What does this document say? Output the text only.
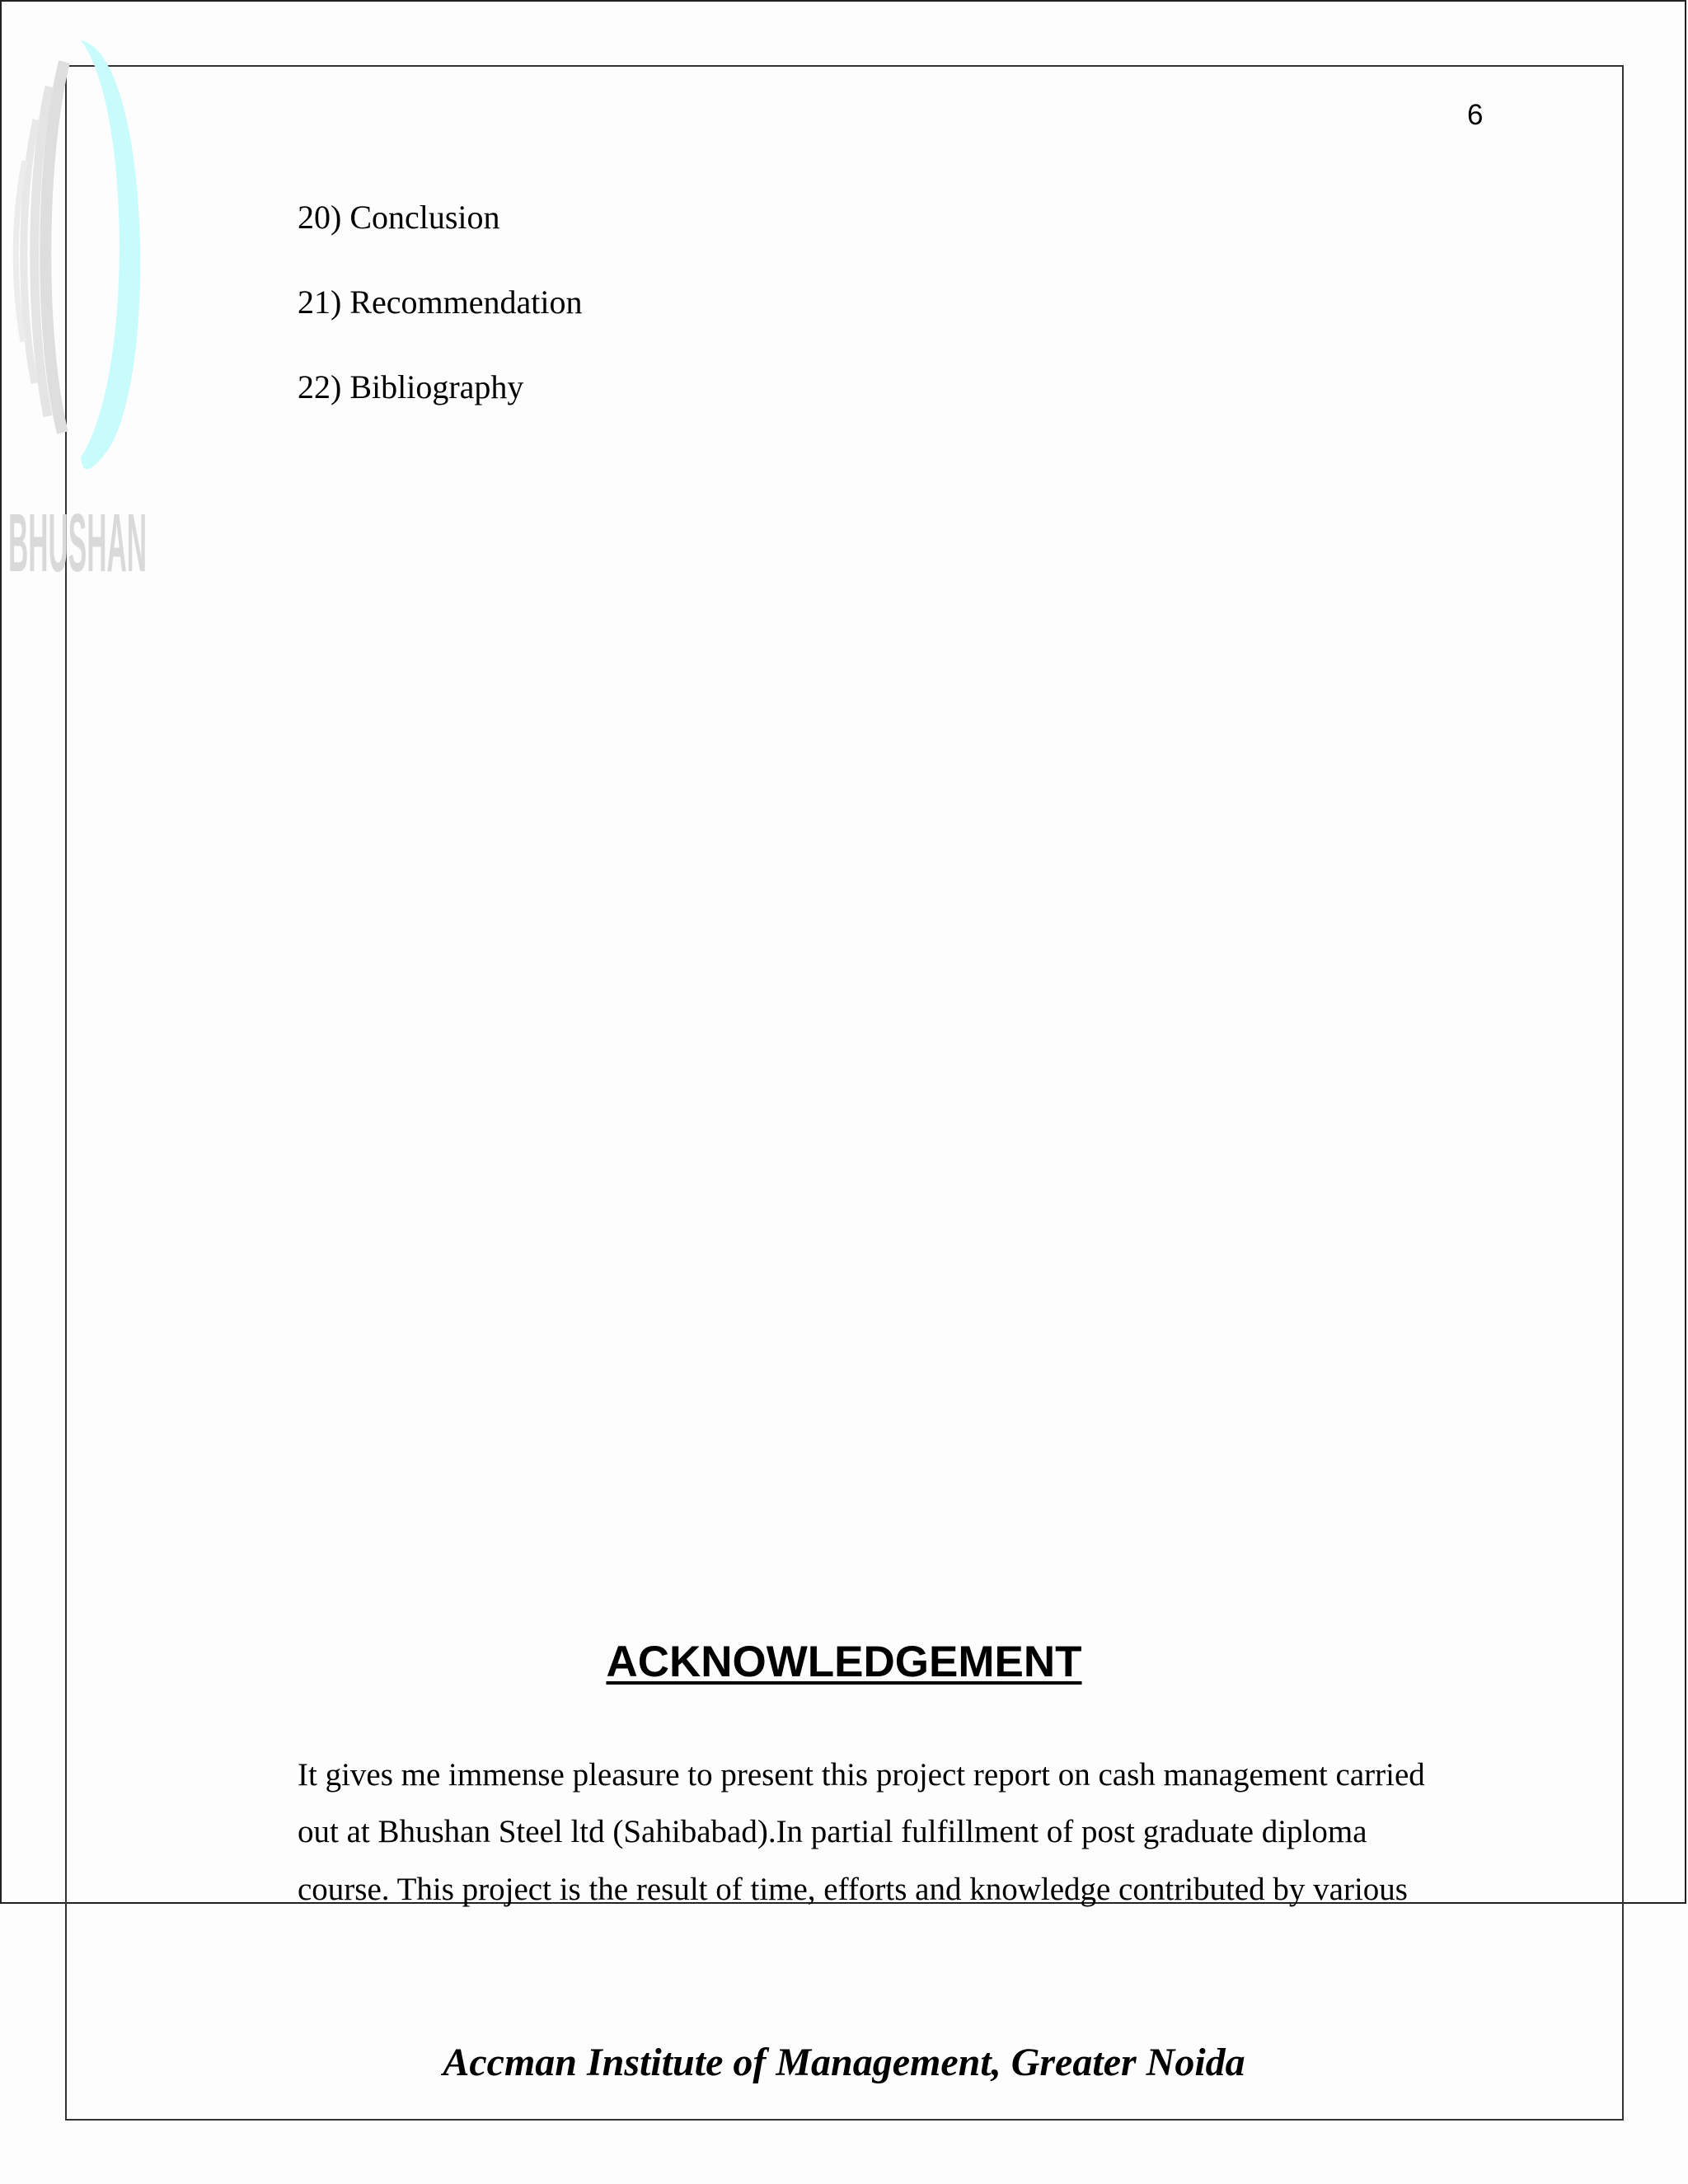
BHUSHAN
6
20) Conclusion
21) Recommendation
22) Bibliography
ACKNOWLEDGEMENT
It gives me immense pleasure to present this project report on cash management carried
out at Bhushan Steel ltd (Sahibabad).In partial fulfillment of post graduate diploma
course. This project is the result of time, efforts and knowledge contributed by various
Accman Institute of Management, Greater Noida
